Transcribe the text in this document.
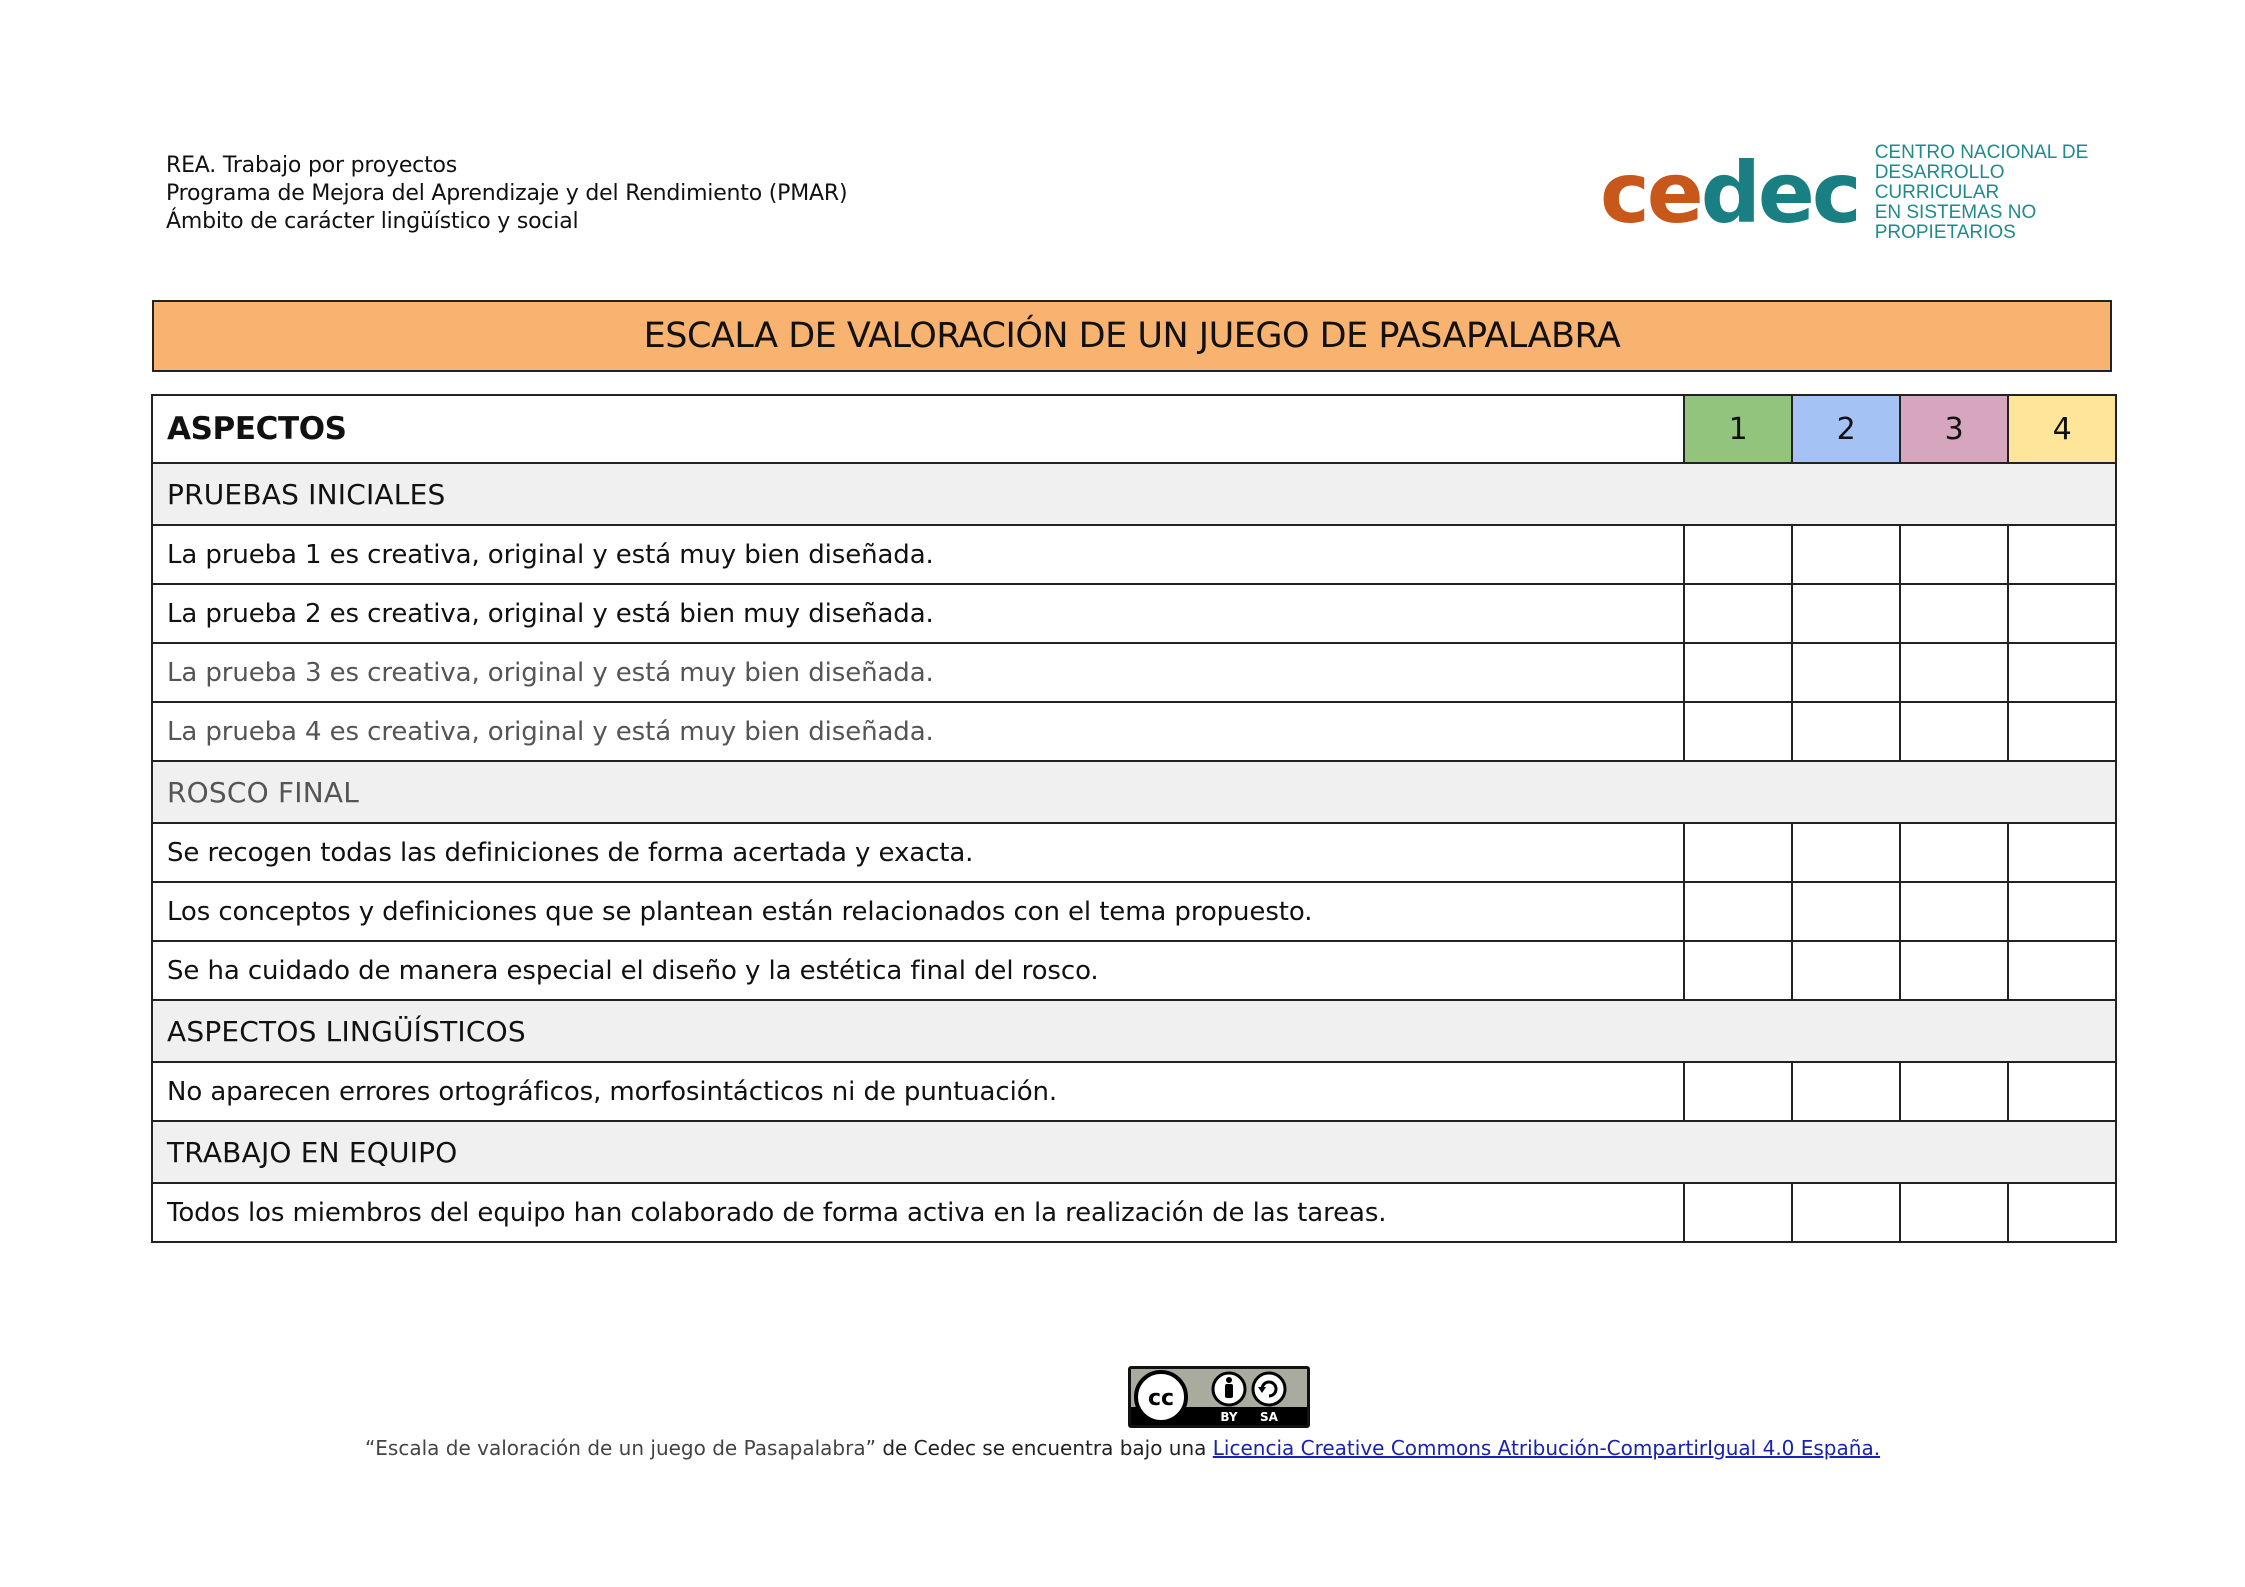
REA. Trabajo por proyectos
Programa de Mejora del Aprendizaje y del Rendimiento (PMAR)
Ámbito de carácter lingüístico y social	c e d e c CENTRO NACIONAL DE
DESARROLLO CURRICULAR
EN SISTEMAS NO PROPIETARIOS
ESCALA DE VALORACIÓN DE UN JUEGO DE PASAPALABRA
ASPECTOS	1	2	3	4
PRUEBAS INICIALES				
La prueba 1 es creativa, original y está muy bien diseñada.				
La prueba 2 es creativa, original y está bien muy diseñada.				
La prueba 3 es creativa, original y está muy bien diseñada.				
La prueba 4 es creativa, original y está muy bien diseñada.				
ROSCO FINAL				
Se recogen todas las definiciones de forma acertada y exacta.				
Los conceptos y definiciones que se plantean están relacionados con el tema propuesto.				
Se ha cuidado de manera especial el diseño y la estética final del rosco.				
ASPECTOS LINGÜÍSTICOS				
No aparecen errores ortográficos, morfosintácticos ni de puntuación.				
TRABAJO EN EQUIPO				
Todos los miembros del equipo han colaborado de forma activa en la realización de las tareas.				
cc
BY SA
“Escala de valoración de un juego de Pasapalabra” de Cedec se encuentra bajo una Licencia Creative Commons Atribución-CompartirIgual 4.0 España.
